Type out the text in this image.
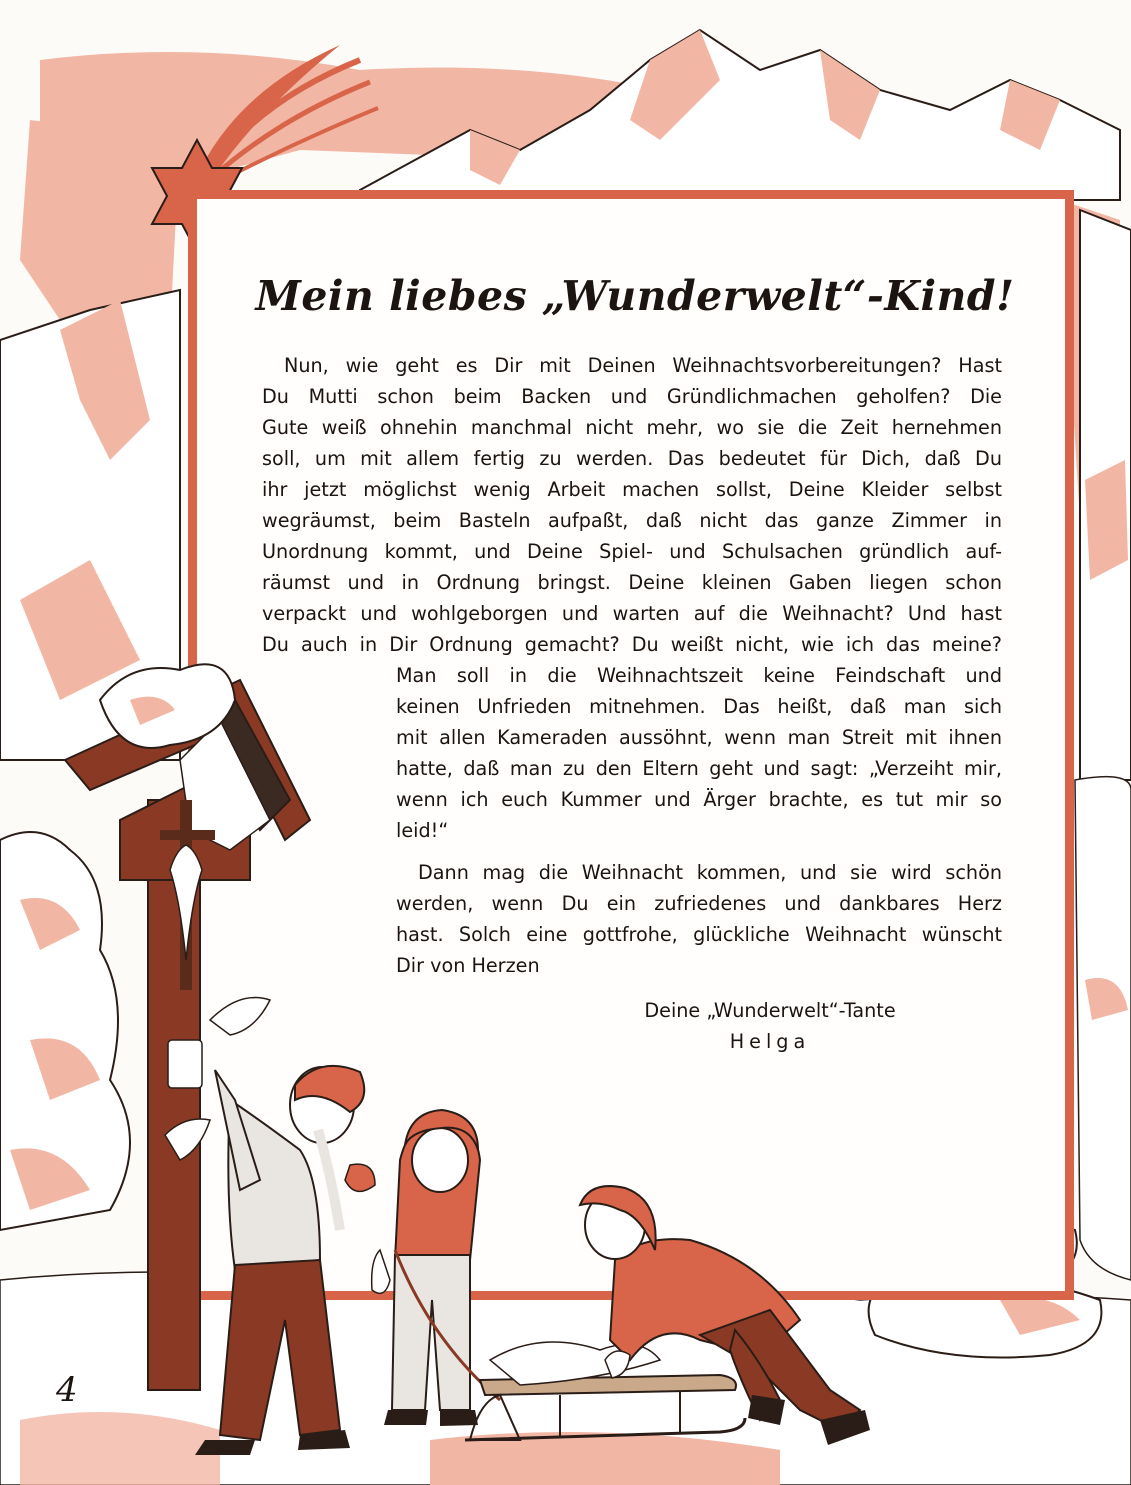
Mein liebes „Wunderwelt“-Kind!
Nun, wie geht es Dir mit Deinen Weihnachtsvorbereitungen? Hast
Du Mutti schon beim Backen und Gründlichmachen geholfen? Die
Gute weiß ohnehin manchmal nicht mehr, wo sie die Zeit hernehmen
soll, um mit allem fertig zu werden. Das bedeutet für Dich, daß Du
ihr jetzt möglichst wenig Arbeit machen sollst, Deine Kleider selbst
wegräumst, beim Basteln aufpaßt, daß nicht das ganze Zimmer in
Unordnung kommt, und Deine Spiel- und Schulsachen gründlich auf-
räumst und in Ordnung bringst. Deine kleinen Gaben liegen schon
verpackt und wohlgeborgen und warten auf die Weihnacht? Und hast
Du auch in Dir Ordnung gemacht? Du weißt nicht, wie ich das meine?
Man soll in die Weihnachtszeit keine Feindschaft und
keinen Unfrieden mitnehmen. Das heißt, daß man sich
mit allen Kameraden aussöhnt, wenn man Streit mit ihnen
hatte, daß man zu den Eltern geht und sagt: „Verzeiht mir,
wenn ich euch Kummer und Ärger brachte, es tut mir so
leid!“
Dann mag die Weihnacht kommen, und sie wird schön
werden, wenn Du ein zufriedenes und dankbares Herz
hast. Solch eine gottfrohe, glückliche Weihnacht wünscht
Dir von Herzen
Deine „Wunderwelt“-Tante
Helga
4
